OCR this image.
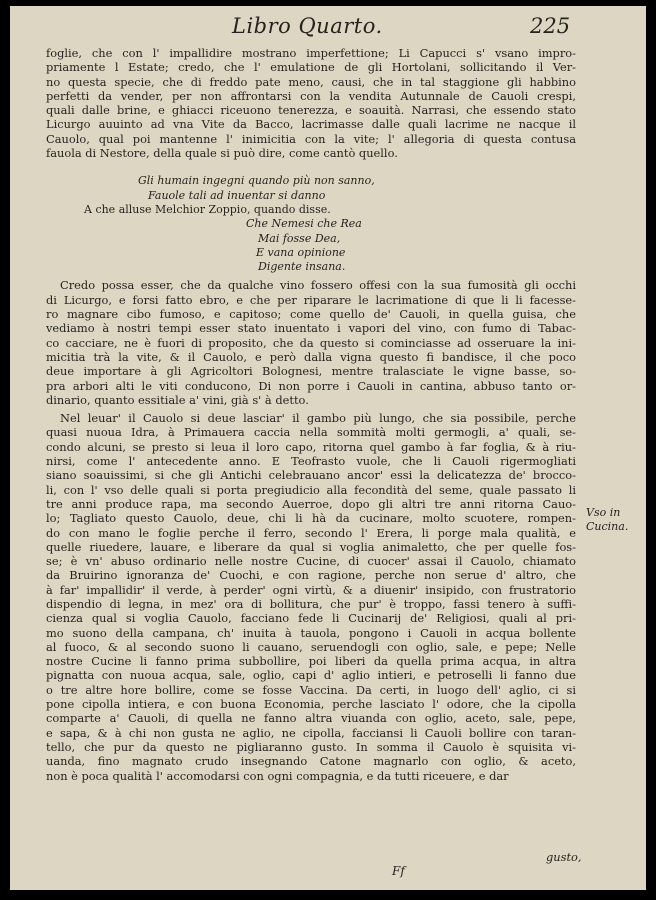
Libro Quarto.	225
foglie, che con l' impallidire mostrano imperfettione; Li Capucci s' vsano impro-
priamente l Estate; credo, che l' emulatione de gli Hortolani, sollicitando il Ver-
no questa specie, che di freddo pate meno, causi, che in tal staggione gli habbino
perfetti da vender, per non affrontarsi con la vendita Autunnale de Cauoli crespi,
quali dalle brine, e ghiacci riceuono tenerezza, e soauità. Narrasi, che essendo stato
Licurgo auuinto ad vna Vite da Bacco, lacrimasse dalle quali lacrime ne nacque il
Cauolo, qual poi mantenne l' inimicitia con la vite; l' allegoria di questa contusa
fauola di Nestore, della quale si può dire, come cantò quello.
Gli humain ingegni quando più non sanno,
Fauole tali ad inuentar si danno
A che alluse Melchior Zoppio, quando disse.
Che Nemesi che Rea
Mai fosse Dea,
E vana opinione
Digente insana.
Credo possa esser, che da qualche vino fossero offesi con la sua fumosità gli occhi
di Licurgo, e forsi fatto ebro, e che per riparare le lacrimatione di que li li facesse-
ro magnare cibo fumoso, e capitoso; come quello de' Cauoli, in quella guisa, che
vediamo à nostri tempi esser stato inuentato i vapori del vino, con fumo di Tabac-
co cacciare, ne è fuori di proposito, che da questo si cominciasse ad osseruare la ini-
micitia trà la vite, & il Cauolo, e però dalla vigna questo fi bandisce, il che poco
deue importare à gli Agricoltori Bolognesi, mentre tralasciate le vigne basse, so-
pra arbori alti le viti conducono, Di non porre i Cauoli in cantina, abbuso tanto or-
dinario, quanto essitiale a' vini, già s' à detto.
Nel leuar' il Cauolo si deue lasciar' il gambo più lungo, che sia possibile, perche
quasi nuoua Idra, à Primauera caccia nella sommità molti germogli, a' quali, se-
condo alcuni, se presto si leua il loro capo, ritorna quel gambo à far foglia, & à riu-
nirsi, come l' antecedente anno. E Teofrasto vuole, che li Cauoli rigermogliati
siano soauissimi, si che gli Antichi celebrauano ancor' essi la delicatezza de' brocco-
li, con l' vso delle quali si porta pregiudicio alla fecondità del seme, quale passato li
tre anni produce rapa, ma secondo Auerroe, dopo gli altri tre anni ritorna Cauo-
lo; Tagliato questo Cauolo, deue, chi li hà da cucinare, molto scuotere, rompen-
do con mano le foglie perche il ferro, secondo l' Erera, li porge mala qualità, e
quelle riuedere, lauare, e liberare da qual si voglia animaletto, che per quelle fos-
se; è vn' abuso ordinario nelle nostre Cucine, di cuocer' assai il Cauolo, chiamato
da Bruirino ignoranza de' Cuochi, e con ragione, perche non serue d' altro, che
à far' impallidir' il verde, à perder' ogni virtù, & a diuenir' insipido, con frustratorio
dispendio di legna, in mez' ora di bollitura, che pur' è troppo, fassi tenero à suffi-
cienza qual si voglia Cauolo, facciano fede li Cucinarij de' Religiosi, quali al pri-
mo suono della campana, ch' inuita à tauola, pongono i Cauoli in acqua bollente
al fuoco, & al secondo suono li cauano, seruendogli con oglio, sale, e pepe; Nelle
nostre Cucine li fanno prima subbollire, poi liberi da quella prima acqua, in altra
pignatta con nuoua acqua, sale, oglio, capi d' aglio intieri, e petroselli li fanno due
o tre altre hore bollire, come se fosse Vaccina. Da certi, in luogo dell' aglio, ci si
pone cipolla intiera, e con buona Economia, perche lasciato l' odore, che la cipolla
comparte a' Cauoli, di quella ne fanno altra viuanda con oglio, aceto, sale, pepe,
e sapa, & à chi non gusta ne aglio, ne cipolla, facciansi li Cauoli bollire con taran-
tello, che pur da questo ne pigliaranno gusto. In somma il Cauolo è squisita vi-
uanda, fino magnato crudo insegnando Catone magnarlo con oglio, & aceto,
non è poca qualità l' accomodarsi con ogni compagnia, e da tutti riceuere, e dar
Vso in
Cucina.
gusto,
Ff
